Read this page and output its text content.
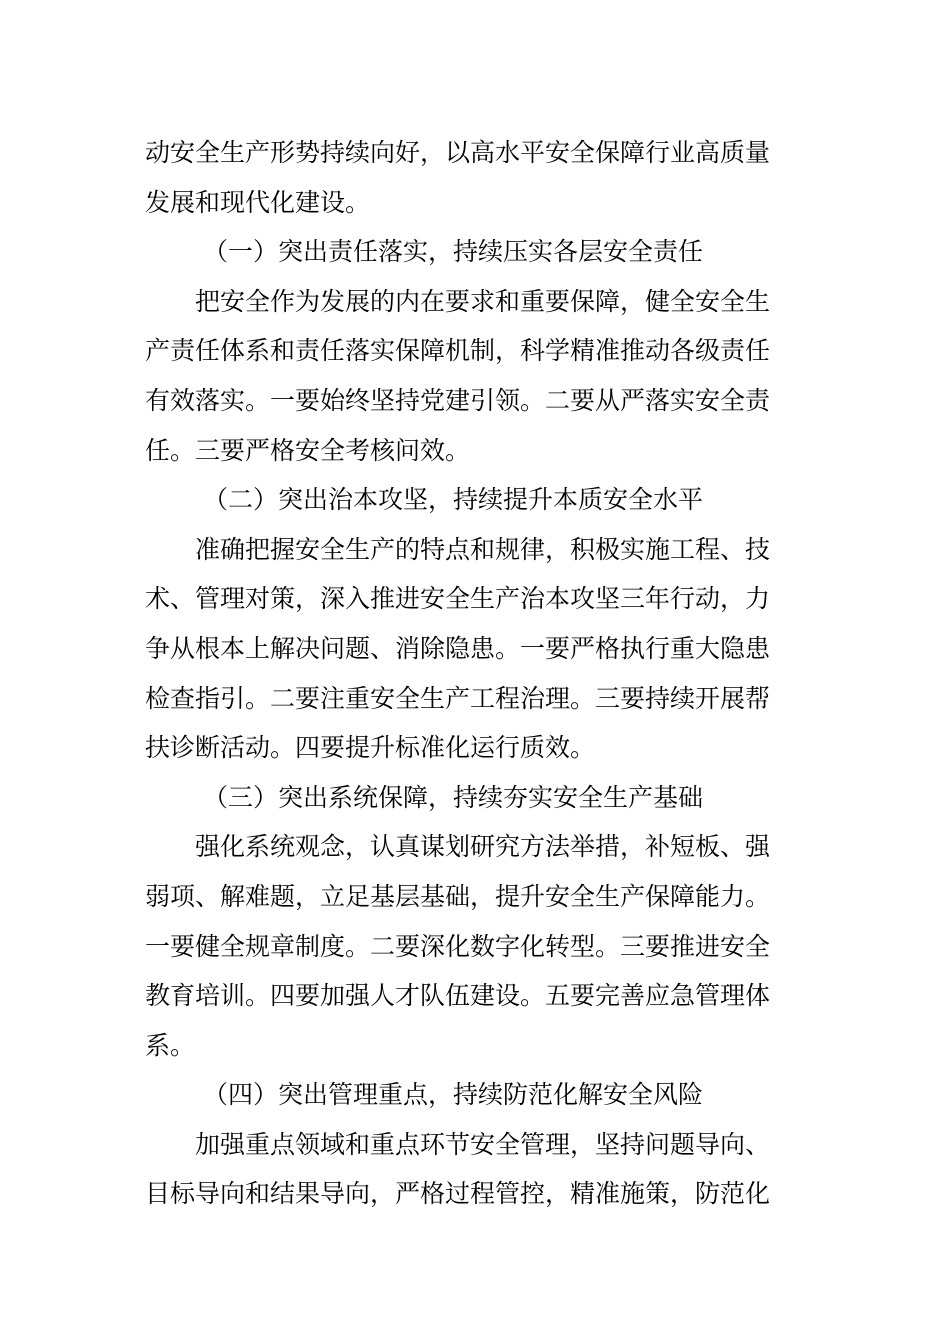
动安全生产形势持续向好，以高水平安全保障行业高质量
发展和现代化建设。
（一）突出责任落实，持续压实各层安全责任
把安全作为发展的内在要求和重要保障，健全安全生
产责任体系和责任落实保障机制，科学精准推动各级责任
有效落实。一要始终坚持党建引领。二要从严落实安全责
任。三要严格安全考核问效。
（二）突出治本攻坚，持续提升本质安全水平
准确把握安全生产的特点和规律，积极实施工程、技
术、管理对策，深入推进安全生产治本攻坚三年行动，力
争从根本上解决问题、消除隐患。一要严格执行重大隐患
检查指引。二要注重安全生产工程治理。三要持续开展帮
扶诊断活动。四要提升标准化运行质效。
（三）突出系统保障，持续夯实安全生产基础
强化系统观念，认真谋划研究方法举措，补短板、强
弱项、解难题，立足基层基础，提升安全生产保障能力。
一要健全规章制度。二要深化数字化转型。三要推进安全
教育培训。四要加强人才队伍建设。五要完善应急管理体
系。
（四）突出管理重点，持续防范化解安全风险
加强重点领域和重点环节安全管理，坚持问题导向、
目标导向和结果导向，严格过程管控，精准施策，防范化
